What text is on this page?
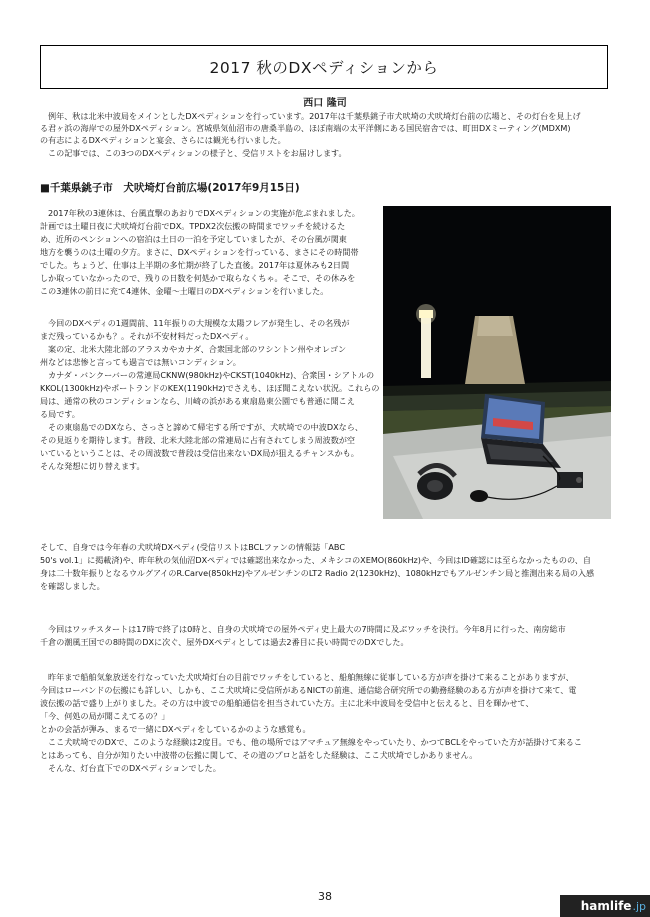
2017 秋のDXペディションから
西口 隆司

例年、秋は北米中波局をメインとしたDXペディションを行っています。2017年は千葉県銚子市犬吠埼の犬吠埼灯台前の広場と、その灯台を見上げ

る君ヶ浜の海岸での屋外DXペディション。宮城県気仙沼市の唐桑半島の、ほぼ南端の太平洋側にある国民宿舎では、町田DXミーティング(MDXM)

の有志によるDXペディションと宴会、さらには観光も行いました。

この記事では、この3つのDXペディションの様子と、受信リストをお届けします。

■千葉県銚子市　犬吠埼灯台前広場(2017年9月15日)

2017年秋の3連休は、台風直撃のあおりでDXペディションの実施が危ぶまれました。

計画では土曜日夜に犬吠埼灯台前でDX。TPDX2次伝搬の時間までワッチを続けるた

め、近所のペンションへの宿泊は土日の一泊を予定していましたが、その台風が関東

地方を襲うのは土曜の夕方。まさに、DXペディションを行っている、まさにその時間帯

でした。ちょうど、仕事は上半期の多忙期が終了した直後。2017年は夏休みも2日間

しか取っていなかったので、残りの日数を何処かで取らなくちゃ。そこで、その休みを

この3連休の前日に充て4連休、金曜〜土曜日のDXペディションを行いました。

今回のDXペディの1週間前、11年振りの大規模な太陽フレアが発生し、その名残が

まだ残っているかも？。それが不安材料だったDXペディ。

案の定、北米大陸北部のアラスカやカナダ、合衆国北部のワシントン州やオレゴン

州などは悲惨と言っても過言では無いコンディション。

カナダ・バンクーバーの常連局CKNW(980kHz)やCKST(1040kHz)、合衆国・シアトルの

KKOL(1300kHz)やポートランドのKEX(1190kHz)でさえも、ほぼ聞こえない状況。これらの

局は、通常の秋のコンディションなら、川崎の浜がある東扇島東公園でも普通に聞こえ

る局です。

その東扇島でのDXなら、さっさと諦めて帰宅する所ですが、犬吠埼での中波DXなら、

その見返りを期待します。普段、北米大陸北部の常連局に占有されてしまう周波数が空

いているということは、その周波数で普段は受信出来ないDX局が狙えるチャンスかも。

そんな発想に切り替えます。

そして、自身では今年春の犬吠埼DXペディ(受信リストはBCLファンの情報誌「ABC

50's vol.1」に掲載済)や、昨年秋の気仙沼DXペディでは確認出来なかった、メキシコのXEMO(860kHz)や、今回はID確認には至らなかったものの、自

身は二十数年振りとなるウルグアイのR.Carve(850kHz)やアルゼンチンのLT2 Radio 2(1230kHz)、1080kHzでもアルゼンチン局と推測出来る局の入感

を確認しました。

今回はワッチスタートは17時で終了は0時と、自身の犬吠埼での屋外ペディ史上最大の7時間に及ぶワッチを決行。今年8月に行った、南房総市

千倉の潮風王国での8時間のDXに次ぐ、屋外DXペディとしては過去2番目に長い時間でのDXでした。

昨年まで船舶気象放送を行なっていた犬吠埼灯台の目前でワッチをしていると、船舶無線に従事している方が声を掛けて来ることがありますが、

今回はローバンドの伝搬にも詳しい、しかも、ここ犬吠埼に受信所があるNICTの前進、通信総合研究所での勤務経験のある方が声を掛けて来て、電

波伝搬の話で盛り上がりました。その方は中波での船舶通信を担当されていた方。主に北米中波局を受信中と伝えると、目を輝かせて、

「今、何処の局が聞こえてるの？」

とかの会話が弾み、まるで一緒にDXペディをしているかのような感覚も。

ここ犬吠埼でのDXで、このような経験は2度目。でも、他の場所ではアマチュア無線をやっていたり、かつてBCLをやっていた方が話掛けて来るこ

とはあっても、自分が知りたい中波帯の伝搬に関して、その道のプロと話をした経験は、ここ犬吠埼でしかありません。

そんな、灯台直下でのDXペディションでした。

38
hamlife .jp
